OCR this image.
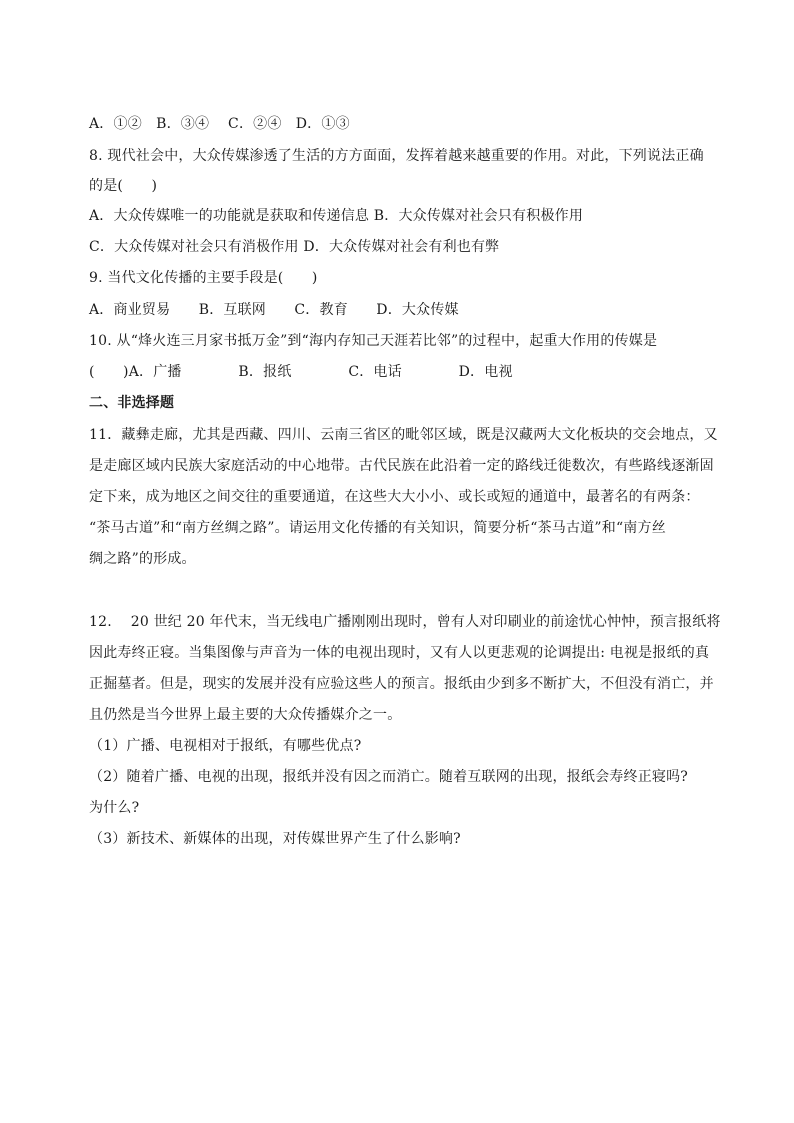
A．①②　B．③④　 C．②④　D．①③
8. 现代社会中，大众传媒渗透了生活的方方面面，发挥着越来越重要的作用。对此，下列说法正确
的是(　　)
A．大众传媒唯一的功能就是获取和传递信息 B．大众传媒对社会只有积极作用
C．大众传媒对社会只有消极作用 D．大众传媒对社会有利也有弊
9. 当代文化传播的主要手段是(　　)
A．商业贸易　　B．互联网　　C．教育　　D．大众传媒
10. 从“烽火连三月家书抵万金”到“海内存知己天涯若比邻”的过程中，起重大作用的传媒是
(　　)A．广播　　　　B．报纸　　　　C．电话　　　　D．电视
二、非选择题
11．藏彝走廊，尤其是西藏、四川、云南三省区的毗邻区域，既是汉藏两大文化板块的交会地点，又
是走廊区域内民族大家庭活动的中心地带。古代民族在此沿着一定的路线迁徙数次，有些路线逐渐固
定下来，成为地区之间交往的重要通道，在这些大大小小、或长或短的通道中，最著名的有两条：
“茶马古道”和“南方丝绸之路”。请运用文化传播的有关知识，简要分析“茶马古道”和“南方丝
绸之路”的形成。
12.　 20 世纪 20 年代末，当无线电广播刚刚出现时，曾有人对印刷业的前途忧心忡忡，预言报纸将
因此寿终正寝。当集图像与声音为一体的电视出现时，又有人以更悲观的论调提出: 电视是报纸的真
正掘墓者。但是，现实的发展并没有应验这些人的预言。报纸由少到多不断扩大，不但没有消亡，并
且仍然是当今世界上最主要的大众传播媒介之一。
（1）广播、电视相对于报纸，有哪些优点?
（2）随着广播、电视的出现，报纸并没有因之而消亡。随着互联网的出现，报纸会寿终正寝吗?
为什么?
（3）新技术、新媒体的出现，对传媒世界产生了什么影响?
